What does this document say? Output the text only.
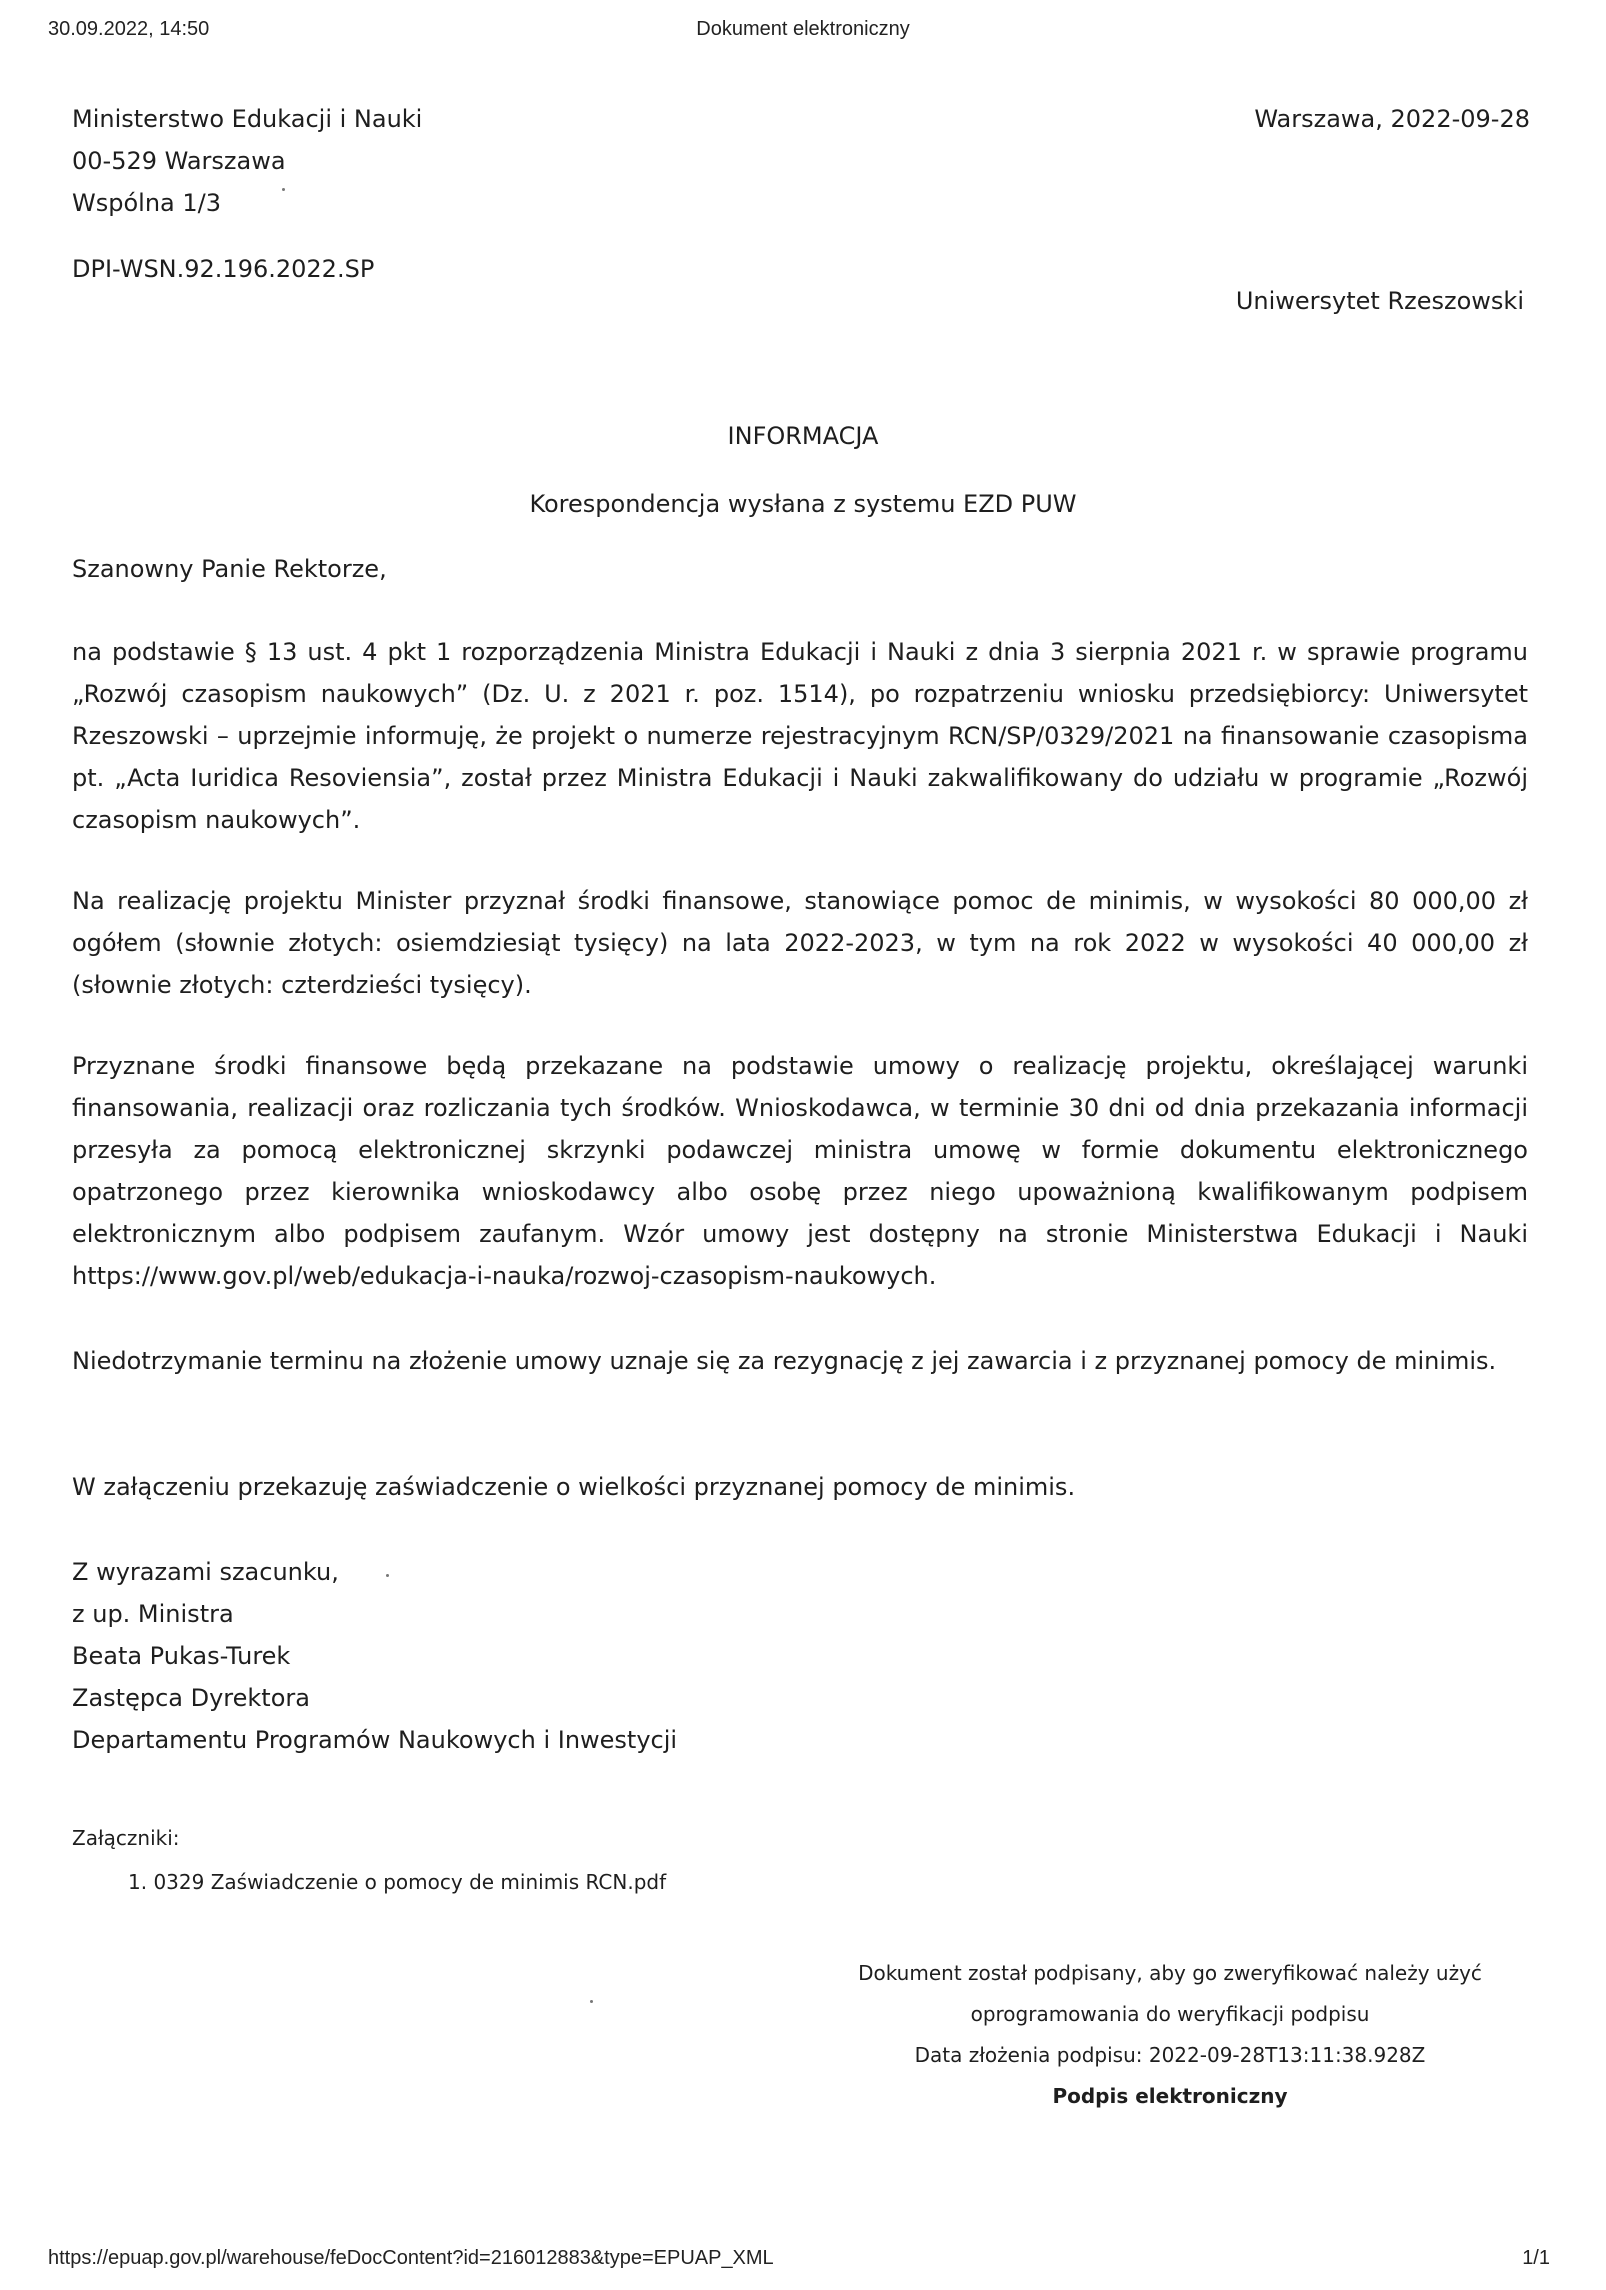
30.09.2022, 14:50	Dokument elektroniczny
Ministerstwo Edukacji i Nauki
00-529 Warszawa
Wspólna 1/3
DPI-WSN.92.196.2022.SP
Warszawa, 2022-09-28
Uniwersytet Rzeszowski
INFORMACJA
Korespondencja wysłana z systemu EZD PUW
Szanowny Panie Rektorze,
na podstawie § 13 ust. 4 pkt 1 rozporządzenia Ministra Edukacji i Nauki z dnia 3 sierpnia 2021 r. w sprawie programu „Rozwój czasopism naukowych” (Dz. U. z 2021 r. poz. 1514), po rozpatrzeniu wniosku przedsiębiorcy: Uniwersytet Rzeszowski – uprzejmie informuję, że projekt o numerze rejestracyjnym RCN/SP/0329/2021 na finansowanie czasopisma pt. „Acta Iuridica Resoviensia”, został przez Ministra Edukacji i Nauki zakwalifikowany do udziału w programie „Rozwój czasopism naukowych”.
Na realizację projektu Minister przyznał środki finansowe, stanowiące pomoc de minimis, w wysokości 80 000,00 zł ogółem (słownie złotych: osiemdziesiąt tysięcy) na lata 2022-2023, w tym na rok 2022 w wysokości 40 000,00 zł (słownie złotych: czterdzieści tysięcy).
Przyznane środki finansowe będą przekazane na podstawie umowy o realizację projektu, określającej warunki finansowania, realizacji oraz rozliczania tych środków. Wnioskodawca, w terminie 30 dni od dnia przekazania informacji przesyła za pomocą elektronicznej skrzynki podawczej ministra umowę w formie dokumentu elektronicznego opatrzonego przez kierownika wnioskodawcy albo osobę przez niego upoważnioną kwalifikowanym podpisem elektronicznym albo podpisem zaufanym. Wzór umowy jest dostępny na stronie Ministerstwa Edukacji i Nauki https://www.gov.pl/web/edukacja-i-nauka/rozwoj-czasopism-naukowych.
Niedotrzymanie terminu na złożenie umowy uznaje się za rezygnację z jej zawarcia i z przyznanej pomocy de minimis.
W załączeniu przekazuję zaświadczenie o wielkości przyznanej pomocy de minimis.
Z wyrazami szacunku,
z up. Ministra
Beata Pukas-Turek
Zastępca Dyrektora
Departamentu Programów Naukowych i Inwestycji
Załączniki:
1. 0329 Zaświadczenie o pomocy de minimis RCN.pdf
Dokument został podpisany, aby go zweryfikować należy użyć
oprogramowania do weryfikacji podpisu
Data złożenia podpisu: 2022-09-28T13:11:38.928Z
Podpis elektroniczny
https://epuap.gov.pl/warehouse/feDocContent?id=216012883&type=EPUAP_XML	1/1
